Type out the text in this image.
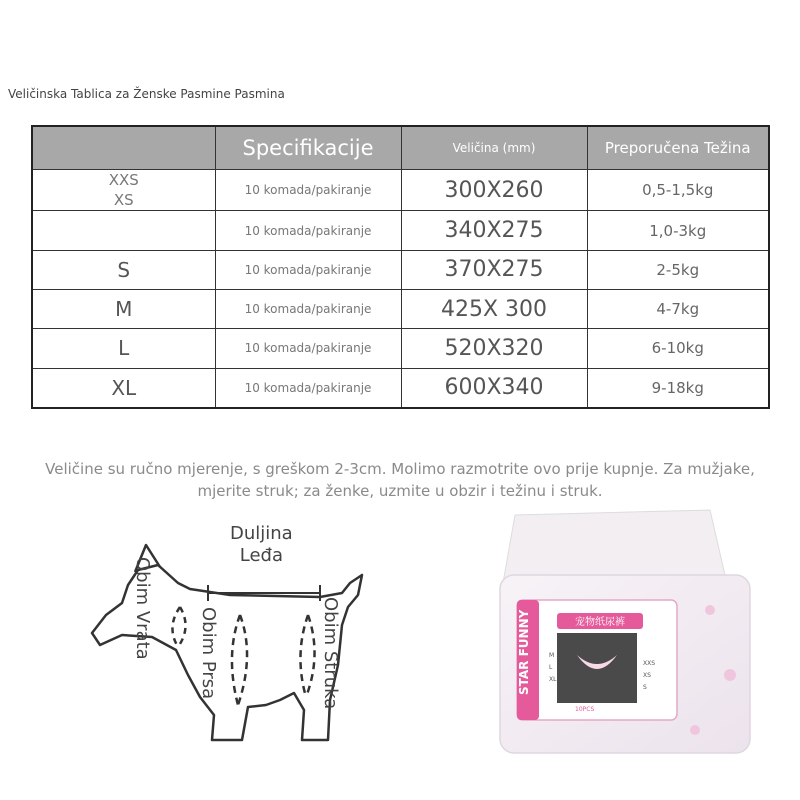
Veličinska Tablica za Ženske Pasmine Pasmina
	Specifikacije	Veličina (mm)	Preporučena Težina
XXS
XS	10 komada/pakiranje	300X260	0,5-1,5kg
	10 komada/pakiranje	340X275	1,0-3kg
S	10 komada/pakiranje	370X275	2-5kg
M	10 komada/pakiranje	425X 300	4-7kg
L	10 komada/pakiranje	520X320	6-10kg
XL	10 komada/pakiranje	600X340	9-18kg
Veličine su ručno mjerenje, s greškom 2-3cm. Molimo razmotrite ovo prije kupnje. Za mužjake, mjerite struk; za ženke, uzmite u obzir i težinu i struk.
Duljina
Leđa
Obim Vrata	Obim Prsa	Obim Struka	STAR FUNNY	宠物纸尿裤
M
L
XL
XXS
XS
S
10PCS
